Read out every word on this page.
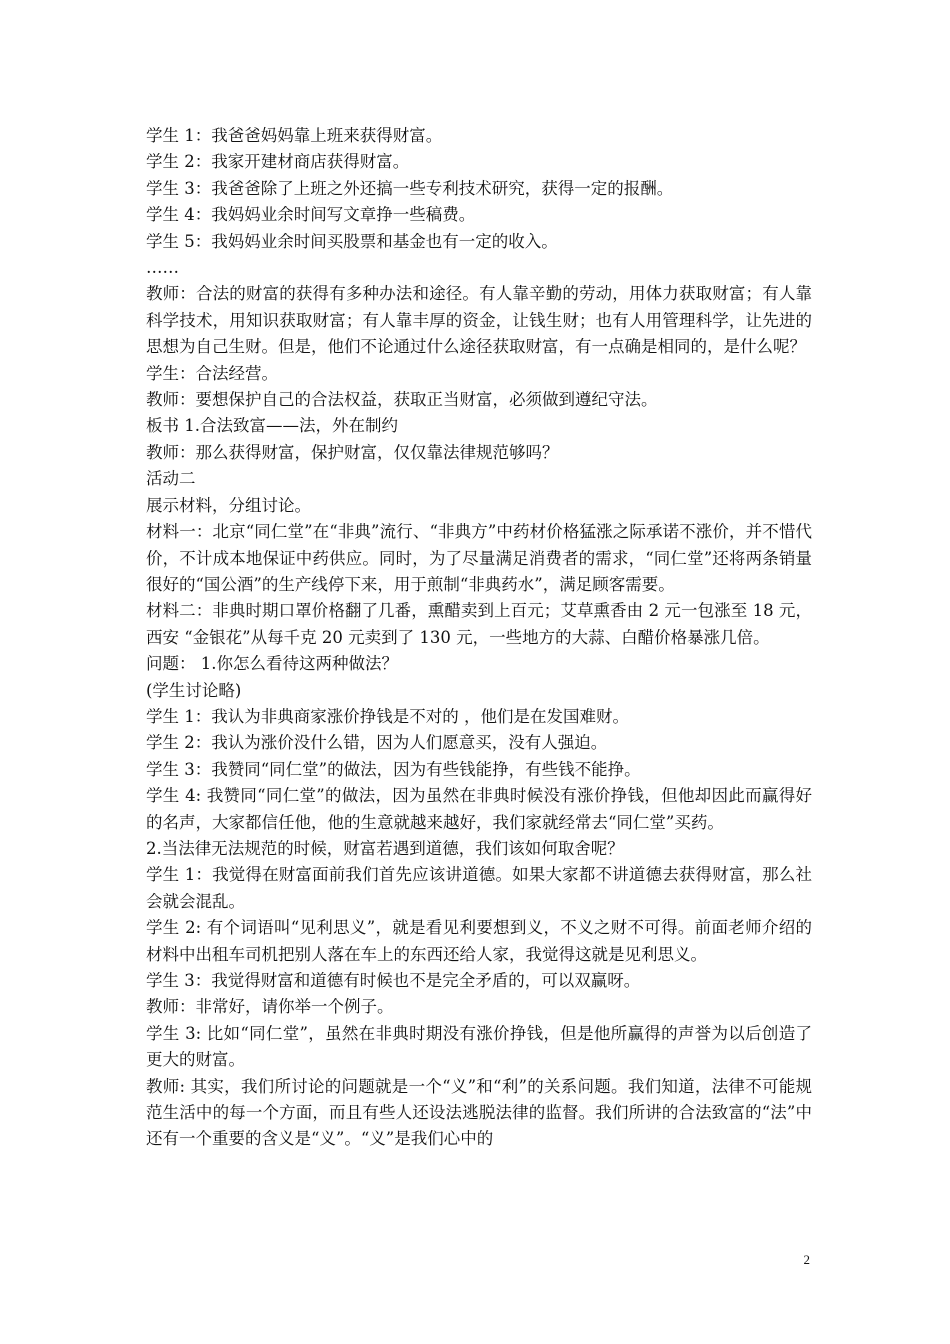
学生 1：我爸爸妈妈靠上班来获得财富。

学生 2：我家开建材商店获得财富。

学生 3：我爸爸除了上班之外还搞一些专利技术研究，获得一定的报酬。

学生 4：我妈妈业余时间写文章挣一些稿费。

学生 5：我妈妈业余时间买股票和基金也有一定的收入。

……

教师：合法的财富的获得有多种办法和途径。有人靠辛勤的劳动，用体力获取财富；有人靠科学技术，用知识获取财富；有人靠丰厚的资金，让钱生财；也有人用管理科学，让先进的思想为自己生财。但是，他们不论通过什么途径获取财富，有一点确是相同的，是什么呢？

学生：合法经营。

教师：要想保护自己的合法权益，获取正当财富，必须做到遵纪守法。

板书 1.合法致富——法，外在制约

教师：那么获得财富，保护财富，仅仅靠法律规范够吗？

活动二

展示材料，分组讨论。

材料一：北京“同仁堂”在“非典”流行、“非典方”中药材价格猛涨之际承诺不涨价，并不惜代价，不计成本地保证中药供应。同时，为了尽量满足消费者的需求，“同仁堂”还将两条销量很好的“国公酒”的生产线停下来，用于煎制“非典药水”，满足顾客需要。

材料二：非典时期口罩价格翻了几番，熏醋卖到上百元；艾草熏香由 2 元一包涨至 18 元，西安 “金银花”从每千克 20 元卖到了 130 元，一些地方的大蒜、白醋价格暴涨几倍。

问题： 1.你怎么看待这两种做法？

(学生讨论略)

学生 1：我认为非典商家涨价挣钱是不对的 ，他们是在发国难财。

学生 2：我认为涨价没什么错，因为人们愿意买，没有人强迫。

学生 3：我赞同“同仁堂”的做法，因为有些钱能挣，有些钱不能挣。

学生 4: 我赞同“同仁堂”的做法，因为虽然在非典时候没有涨价挣钱，但他却因此而赢得好的名声，大家都信任他，他的生意就越来越好，我们家就经常去“同仁堂”买药。

2.当法律无法规范的时候，财富若遇到道德，我们该如何取舍呢？

学生 1：我觉得在财富面前我们首先应该讲道德。如果大家都不讲道德去获得财富，那么社会就会混乱。

学生 2: 有个词语叫“见利思义”，就是看见利要想到义，不义之财不可得。前面老师介绍的材料中出租车司机把别人落在车上的东西还给人家，我觉得这就是见利思义。

学生 3：我觉得财富和道德有时候也不是完全矛盾的，可以双赢呀。

教师：非常好，请你举一个例子。

学生 3: 比如“同仁堂”，虽然在非典时期没有涨价挣钱，但是他所赢得的声誉为以后创造了更大的财富。

教师: 其实，我们所讨论的问题就是一个“义”和“利”的关系问题。我们知道，法律不可能规范生活中的每一个方面，而且有些人还设法逃脱法律的监督。我们所讲的合法致富的“法”中还有一个重要的含义是“义”。“义”是我们心中的

2
